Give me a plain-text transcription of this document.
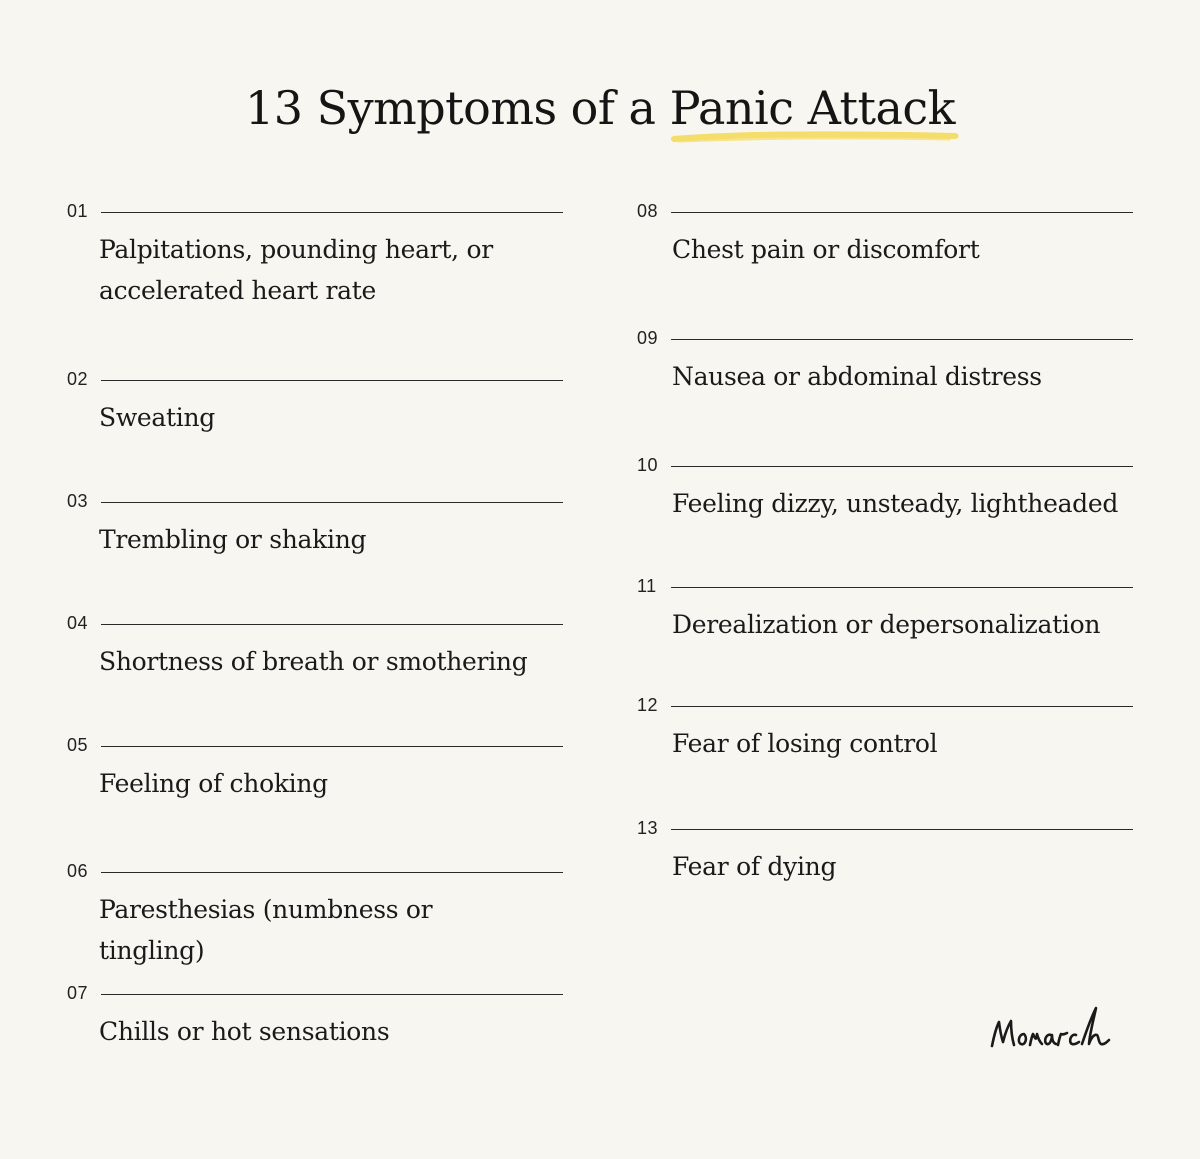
13 Symptoms of a
Panic Attack
01
Palpitations, pounding heart, or accelerated heart rate
02
Sweating
03
Trembling or shaking
04
Shortness of breath or smothering
05
Feeling of choking
06
Paresthesias (numbness or tingling)
07
Chills or hot sensations
08
Chest pain or discomfort
09
Nausea or abdominal distress
10
Feeling dizzy, unsteady, lightheaded
11
Derealization or depersonalization
12
Fear of losing control
13
Fear of dying
